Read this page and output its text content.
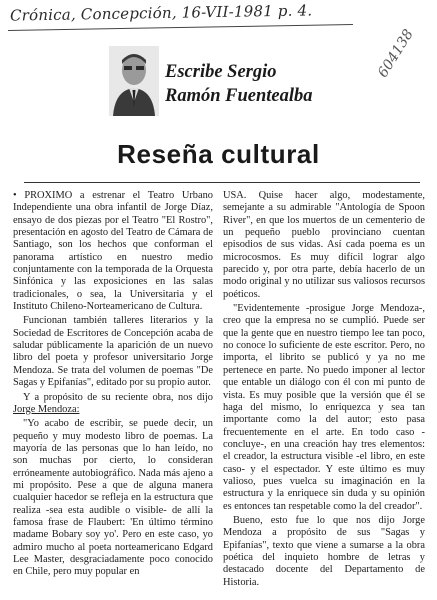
Crónica, Concepción, 16-VII-1981 p. 4.
604138
Escribe Sergio
Ramón Fuentealba
Reseña cultural

• PROXIMO a estrenar el Teatro Urbano Independiente una obra infantil de Jorge Díaz, ensayo de dos piezas por el Teatro "El Rostro", presentación en agosto del Teatro de Cámara de Santiago, son los hechos que conforman el panorama artístico en nuestro medio conjuntamente con la temporada de la Orquesta Sinfónica y las exposiciones en las salas tradicionales, o sea, la Universitaria y el Instituto Chileno-Norteamericano de Cultura.

Funcionan también talleres literarios y la Sociedad de Escritores de Concepción acaba de saludar públicamente la aparición de un nuevo libro del poeta y profesor universitario Jorge Mendoza. Se trata del volumen de poemas "De Sagas y Epifanías", editado por su propio autor.

Y a propósito de su reciente obra, nos dijo Jorge Mendoza:

"Yo acabo de escribir, se puede decir, un pequeño y muy modesto libro de poemas. La mayoría de las personas que lo han leído, no son muchas por cierto, lo consideran erróneamente autobiográfico. Nada más ajeno a mi propósito. Pese a que de alguna manera cualquier hacedor se refleja en la estructura que realiza -sea esta audible o visible- de allí la famosa frase de Flaubert: 'En último término madame Bobary soy yo'. Pero en este caso, yo admiro mucho al poeta norteamericano Edgard Lee Master, desgraciadamente poco conocido en Chile, pero muy popular en

USA. Quise hacer algo, modestamente, semejante a su admirable "Antología de Spoon River", en que los muertos de un cementerio de un pequeño pueblo provinciano cuentan episodios de sus vidas. Así cada poema es un microcosmos. Es muy difícil lograr algo parecido y, por otra parte, debía hacerlo de un modo original y no utilizar sus valiosos recursos poéticos.

"Evidentemente -prosigue Jorge Mendoza-, creo que la empresa no se cumplió. Puede ser que la gente que en nuestro tiempo lee tan poco, no conoce lo suficiente de este escritor. Pero, no importa, el librito se publicó y ya no me pertenece en parte. No puedo imponer al lector que entable un diálogo con él con mi punto de vista. Es muy posible que la versión que él se haga del mismo, lo enriquezca y sea tan importante como la del autor; esto pasa frecuentemente en el arte. En todo caso -concluye-, en una creación hay tres elementos: el creador, la estructura visible -el libro, en este caso- y el espectador. Y este último es muy valioso, pues vuelca su imaginación en la estructura y la enriquece sin duda y su opinión es entonces tan respetable como la del creador".

Bueno, esto fue lo que nos dijo Jorge Mendoza a propósito de sus "Sagas y Epifanías", texto que viene a sumarse a la obra poética del inquieto hombre de letras y destacado docente del Departamento de Historia.
